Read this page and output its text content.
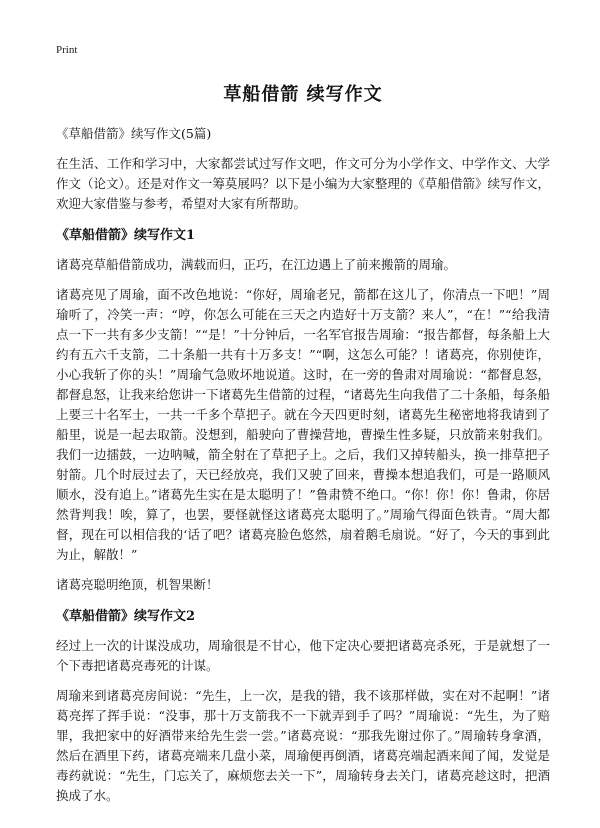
Print
草船借箭 续写作文
《草船借箭》续写作文(5篇)
在生活、工作和学习中，大家都尝试过写作文吧，作文可分为小学作文、中学作文、大学作文（论文）。还是对作文一筹莫展吗？以下是小编为大家整理的《草船借箭》续写作文，欢迎大家借鉴与参考，希望对大家有所帮助。
《草船借箭》续写作文1
诸葛亮草船借箭成功，满载而归，正巧，在江边遇上了前来搬箭的周瑜。
诸葛亮见了周瑜，面不改色地说：“你好，周瑜老兄，箭都在这儿了，你清点一下吧！”周瑜听了，冷笑一声：“哼，你怎么可能在三天之内造好十万支箭？来人”，“在！”“给我清点一下一共有多少支箭！”“是！”十分钟后，一名军官报告周瑜：“报告都督，每条船上大约有五六千支箭，二十条船一共有十万多支！”“啊，这怎么可能？！诸葛亮，你别使诈，小心我斩了你的头！”周瑜气急败坏地说道。这时，在一旁的鲁肃对周瑜说：“都督息怒，都督息怒，让我来给您讲一下诸葛先生借箭的过程，“诸葛先生向我借了二十条船，每条船上要三十名军士，一共一千多个草把子。就在今天四更时刻，诸葛先生秘密地将我请到了船里，说是一起去取箭。没想到，船驶向了曹操营地，曹操生性多疑，只放箭来射我们。我们一边擂鼓，一边呐喊，箭全射在了草把子上。之后，我们又掉转船头，换一排草把子射箭。几个时辰过去了，天已经放亮，我们又驶了回来，曹操本想追我们，可是一路顺风顺水，没有追上。”诸葛先生实在是太聪明了！”鲁肃赞不绝口。“你！你！你！鲁肃，你居然背判我！唉，算了，也罢，要怪就怪这诸葛亮太聪明了。”周瑜气得面色铁青。“周大都督，现在可以相信我的‘话了吧？诸葛亮脸色悠然，扇着鹅毛扇说。“好了，今天的事到此为止，解散！”
诸葛亮聪明绝顶，机智果断！
《草船借箭》续写作文2
经过上一次的计谋没成功，周瑜很是不甘心，他下定决心要把诸葛亮杀死，于是就想了一个下毒把诸葛亮毒死的计谋。
周瑜来到诸葛亮房间说：“先生，上一次，是我的错，我不该那样做，实在对不起啊！”诸葛亮挥了挥手说：“没事，那十万支箭我不一下就弄到手了吗？”周瑜说：“先生，为了赔罪，我把家中的好酒带来给先生尝一尝。”诸葛亮说：“那我先谢过你了。”周瑜转身拿酒，然后在酒里下药，诸葛亮端来几盘小菜，周瑜便再倒酒，诸葛亮端起酒来闻了闻，发觉是毒药就说：“先生，门忘关了，麻烦您去关一下”，周瑜转身去关门，诸葛亮趁这时，把酒换成了水。
